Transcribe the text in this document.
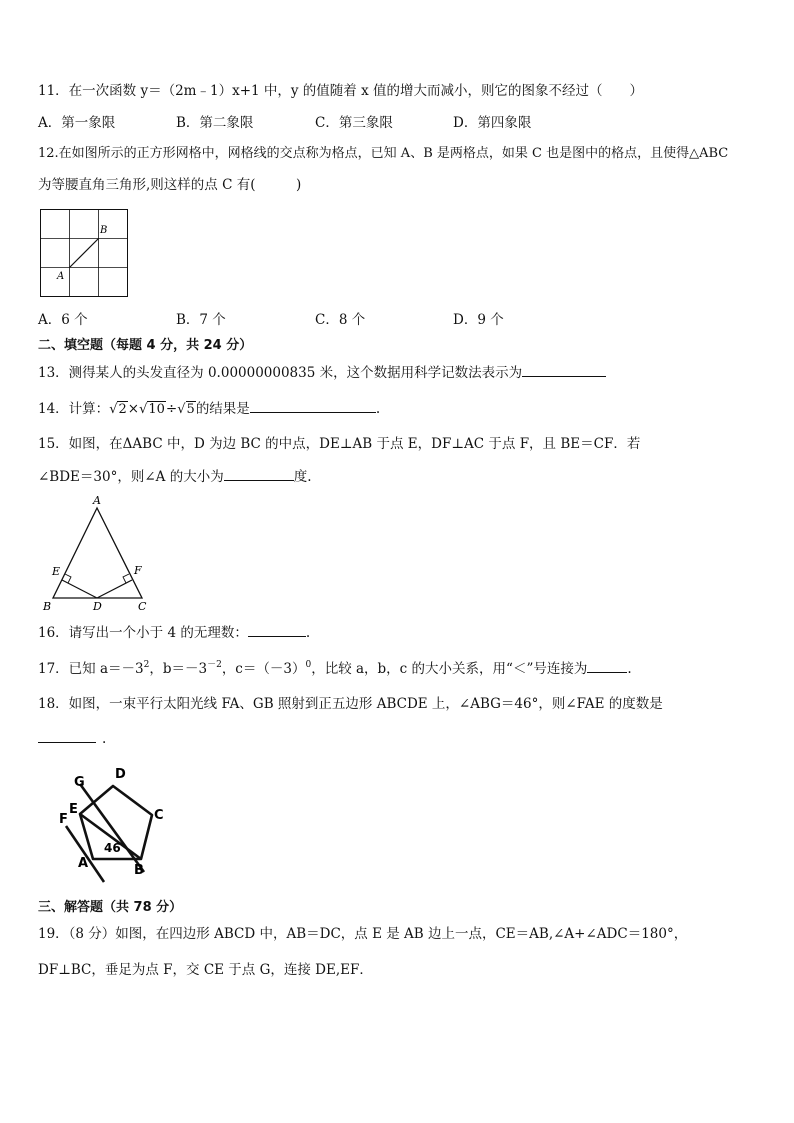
11．在一次函数 y＝（2m﹣1）x+1 中，y 的值随着 x 值的增大而减小，则它的图象不经过（　　）
A．第一象限	B．第二象限	C．第三象限	D．第四象限
12.在如图所示的正方形网格中，网格线的交点称为格点，已知 A、B 是两格点，如果 C 也是图中的格点，且使得△ABC
为等腰直角三角形,则这样的点 C 有(　　　)
A
B
A．6 个	B．7 个	C．8 个	D．9 个
二、填空题（每题 4 分，共 24 分）
13．测得某人的头发直径为 0.00000000835 米，这个数据用科学记数法表示为
14．计算：√2×√10÷√5的结果是	.
15．如图，在ΔABC 中，D 为边 BC 的中点，DE⊥AB 于点 E，DF⊥AC 于点 F，且 BE＝CF．若
∠BDE＝30°，则∠A 的大小为	度.
A
B	C
D
E	F
16．请写出一个小于 4 的无理数：	.
17．已知 $a=-3^2$，$b=-3^{-2}$，$c=(-3)^0$，比较 a，b，c 的大小关系，用“＜”号连接为	.
18．如图，一束平行太阳光线 FA、GB 照射到正五边形 ABCDE 上，∠ABG＝46°，则∠FAE 的度数是
.
G
D
C
E
F
A	B
46
三、解答题（共 78 分）
19．（8 分）如图，在四边形 ABCD 中，AB＝DC，点 E 是 AB 边上一点，CE＝AB,∠A+∠ADC＝180°，
DF⊥BC，垂足为点 F，交 CE 于点 G，连接 DE,EF．
